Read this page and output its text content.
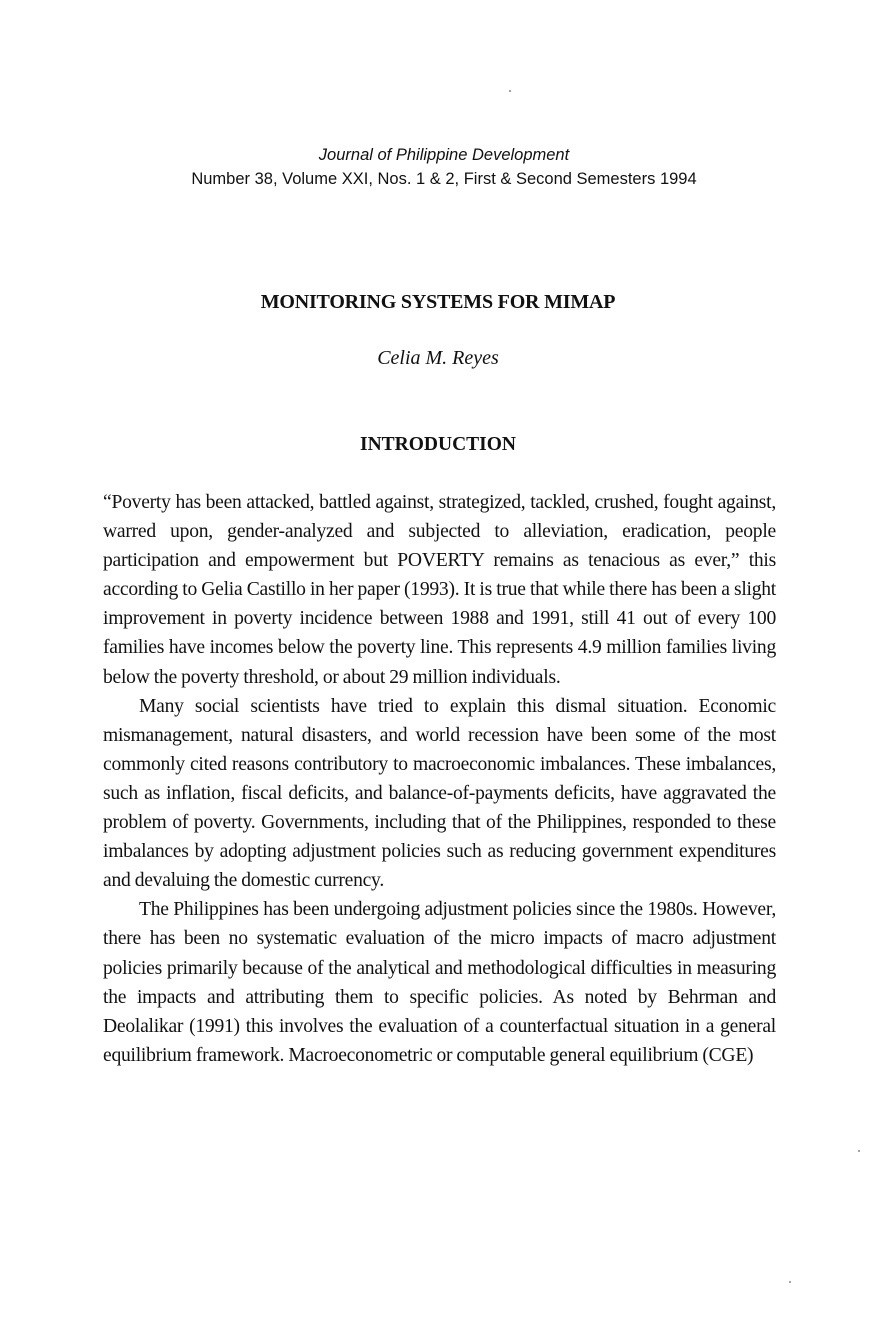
Journal of Philippine Development
Number 38, Volume XXI, Nos. 1 & 2, First & Second Semesters 1994
MONITORING SYSTEMS FOR MIMAP
Celia M. Reyes
INTRODUCTION

“Poverty has been attacked, battled against, strategized, tackled, crushed, fought against, warred upon, gender-analyzed and subjected to alleviation, eradication, people participation and empowerment but POVERTY remains as tenacious as ever,” this according to Gelia Castillo in her paper (1993). It is true that while there has been a slight improvement in poverty incidence between 1988 and 1991, still 41 out of every 100 families have incomes below the poverty line. This represents 4.9 million families living below the poverty threshold, or about 29 million individuals.

Many social scientists have tried to explain this dismal situation. Economic mismanagement, natural disasters, and world recession have been some of the most commonly cited reasons contributory to macroeconomic imbalances. These imbalances, such as inflation, fiscal deficits, and balance-of-payments deficits, have aggravated the problem of poverty. Governments, including that of the Philippines, responded to these imbalances by adopting adjustment policies such as reducing government expenditures and devaluing the domestic currency.

The Philippines has been undergoing adjustment policies since the 1980s. However, there has been no systematic evaluation of the micro impacts of macro adjustment policies primarily because of the analytical and methodological difficulties in measuring the impacts and attributing them to specific policies. As noted by Behrman and Deolalikar (1991) this involves the evaluation of a counterfactual situation in a general equilibrium framework. Macroeconometric or computable general equilibrium (CGE)
